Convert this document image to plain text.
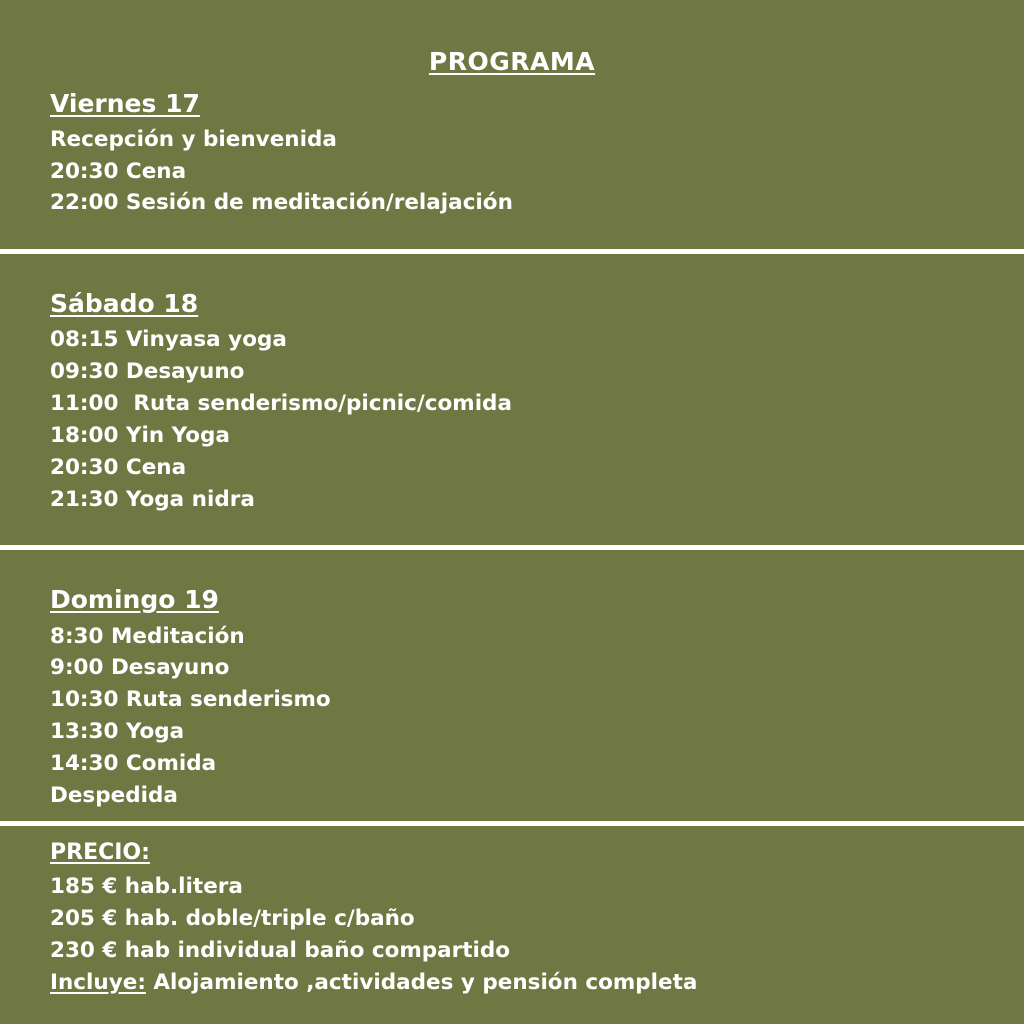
PROGRAMA
Viernes 17

Recepción y bienvenida

20:30 Cena

22:00 Sesión de meditación/relajación

Sábado 18

08:15 Vinyasa yoga

09:30 Desayuno

11:00  Ruta senderismo/picnic/comida

18:00 Yin Yoga

20:30 Cena

21:30 Yoga nidra

Domingo 19

8:30 Meditación

9:00 Desayuno

10:30 Ruta senderismo

13:30 Yoga

14:30 Comida

Despedida

PRECIO:

185 € hab.litera

205 € hab. doble/triple c/baño

230 € hab individual baño compartido

Incluye: Alojamiento ,actividades y pensión completa
